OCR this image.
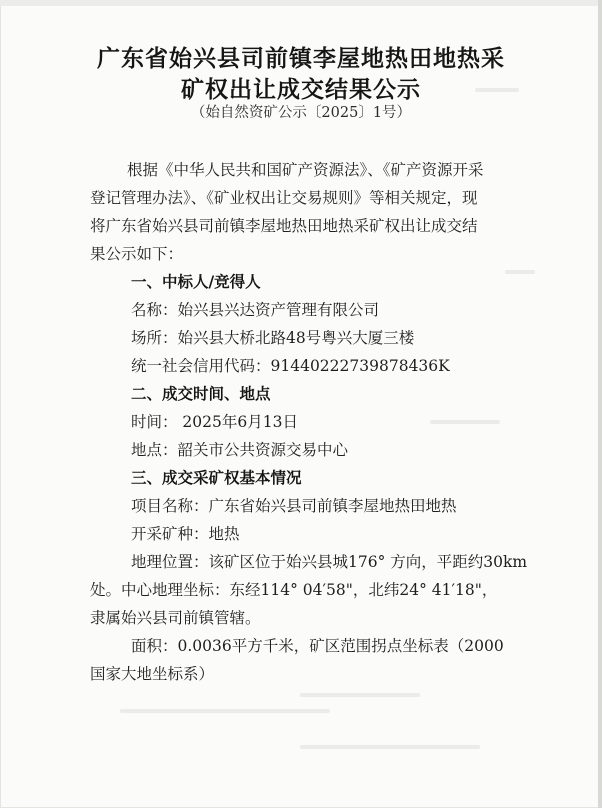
广东省始兴县司前镇李屋地热田地热采
矿权出让成交结果公示
（始自然资矿公示〔2025〕1号）
根据《中华人民共和国矿产资源法》、《矿产资源开采
登记管理办法》、《矿业权出让交易规则》等相关规定，现
将广东省始兴县司前镇李屋地热田地热采矿权出让成交结
果公示如下：
一、中标人/竞得人
名称：始兴县兴达资产管理有限公司
场所：始兴县大桥北路48号粤兴大厦三楼
统一社会信用代码：91440222739878436K
二、成交时间、地点
时间： 2025年6月13日
地点：韶关市公共资源交易中心
三、成交采矿权基本情况
项目名称：广东省始兴县司前镇李屋地热田地热
开采矿种：地热
地理位置：该矿区位于始兴县城176° 方向，平距约30km
处。中心地理坐标：东经114° 04′58"，北纬24° 41′18"，
隶属始兴县司前镇管辖。
面积：0.0036平方千米，矿区范围拐点坐标表（2000
国家大地坐标系）
